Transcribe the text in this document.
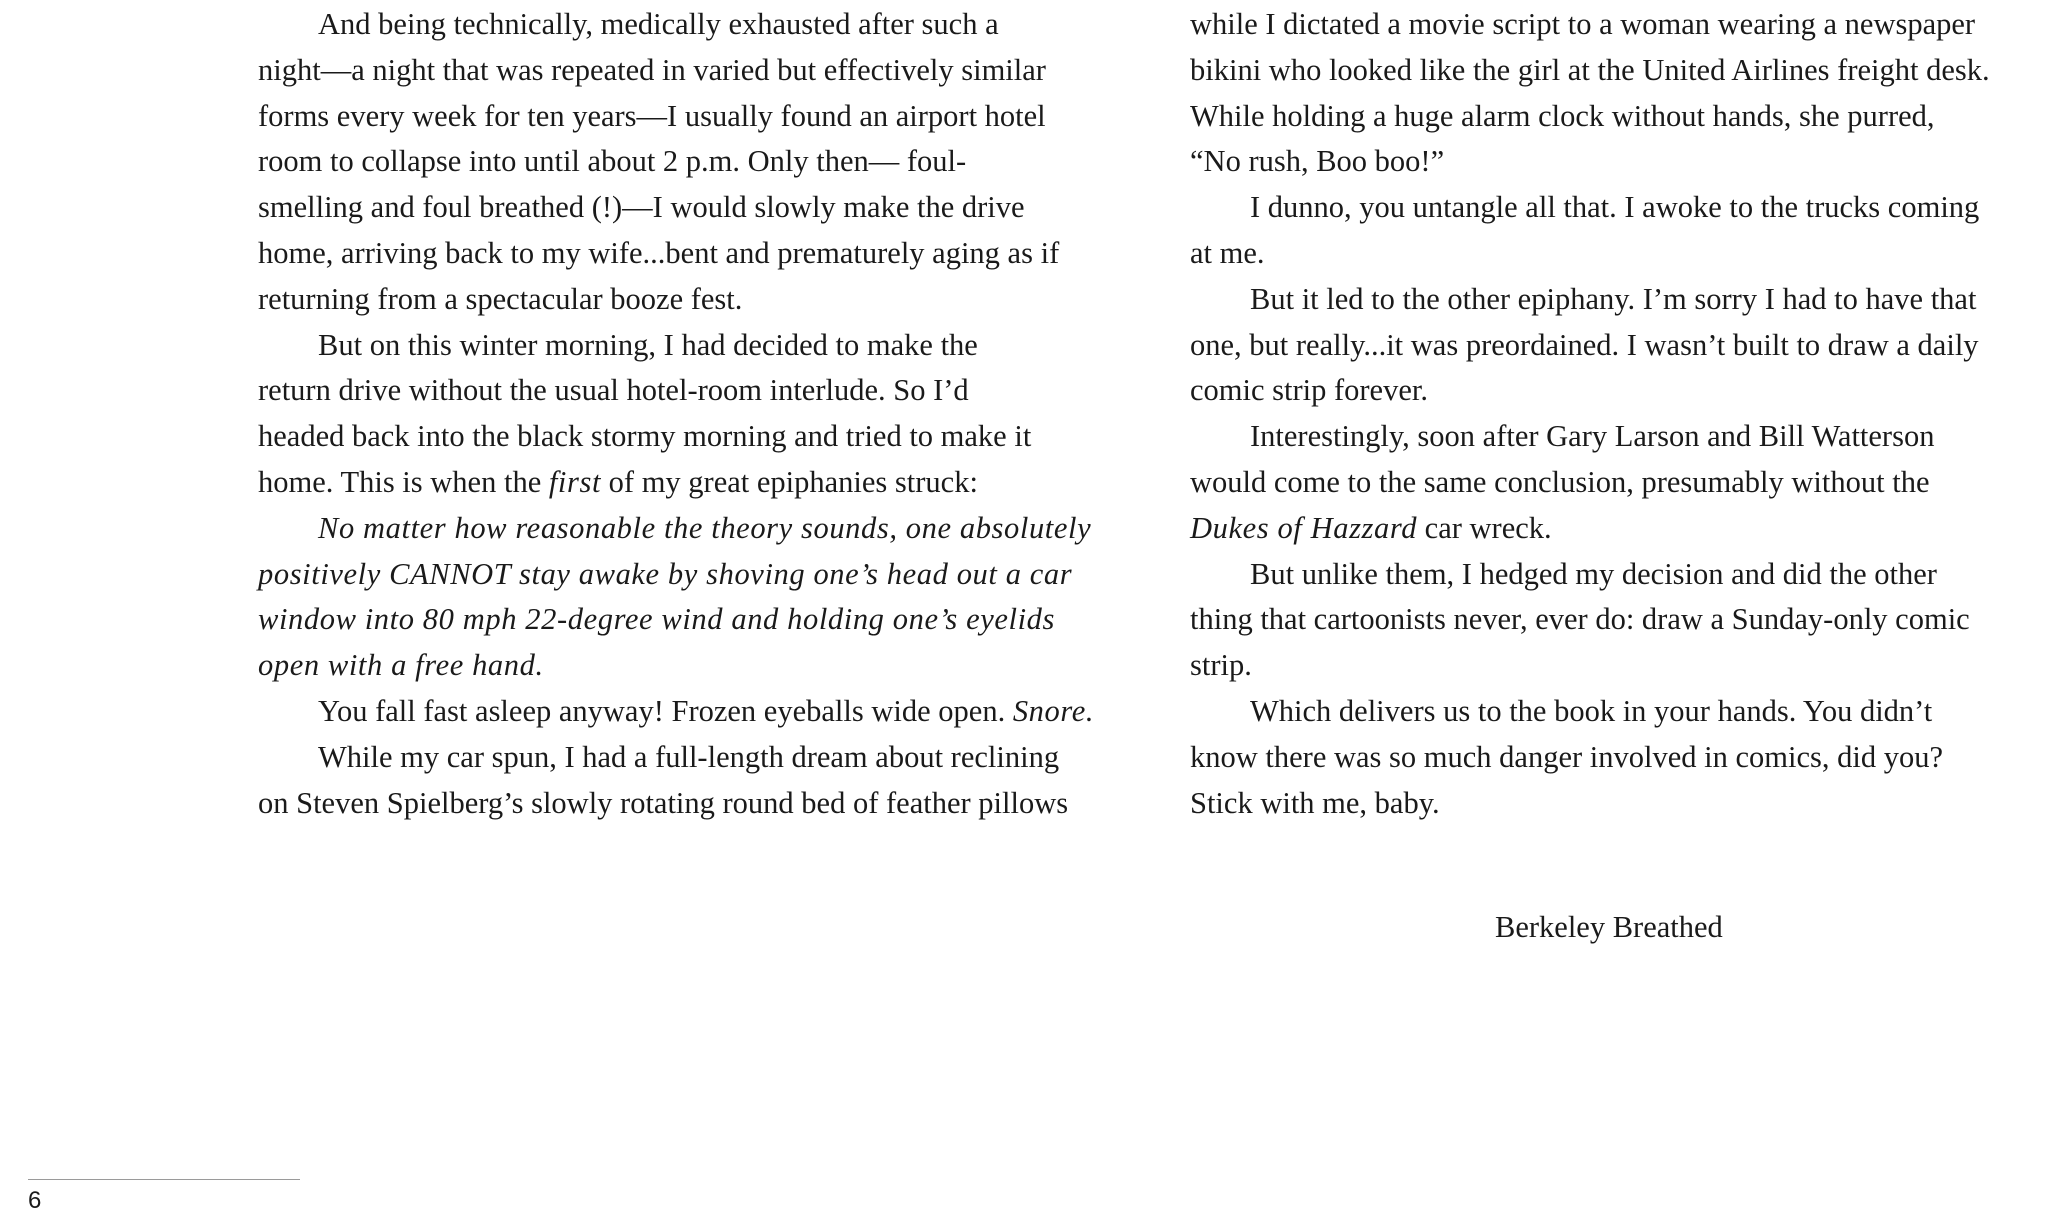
And being technically, medically exhausted after such a
night—a night that was repeated in varied but effectively similar
forms every week for ten years—I usually found an airport hotel
room to collapse into until about 2 p.m. Only then— foul-
smelling and foul breathed (!)—I would slowly make the drive
home, arriving back to my wife...bent and prematurely aging as if
returning from a spectacular booze fest.

But on this winter morning, I had decided to make the
return drive without the usual hotel-room interlude. So I’d
headed back into the black stormy morning and tried to make it
home. This is when the first of my great epiphanies struck:

No matter how reasonable the theory sounds, one absolutely
positively CANNOT stay awake by shoving one’s head out a car
window into 80 mph 22-degree wind and holding one’s eyelids
open with a free hand.

You fall fast asleep anyway! Frozen eyeballs wide open. Snore.

While my car spun, I had a full-length dream about reclining
on Steven Spielberg’s slowly rotating round bed of feather pillows

while I dictated a movie script to a woman wearing a newspaper
bikini who looked like the girl at the United Airlines freight desk.
While holding a huge alarm clock without hands, she purred,
“No rush, Boo boo!”

I dunno, you untangle all that. I awoke to the trucks coming
at me.

But it led to the other epiphany. I’m sorry I had to have that
one, but really...it was preordained. I wasn’t built to draw a daily
comic strip forever.

Interestingly, soon after Gary Larson and Bill Watterson
would come to the same conclusion, presumably without the
Dukes of Hazzard car wreck.

But unlike them, I hedged my decision and did the other
thing that cartoonists never, ever do: draw a Sunday-only comic
strip.

Which delivers us to the book in your hands. You didn’t
know there was so much danger involved in comics, did you?
Stick with me, baby.

Berkeley Breathed
6
